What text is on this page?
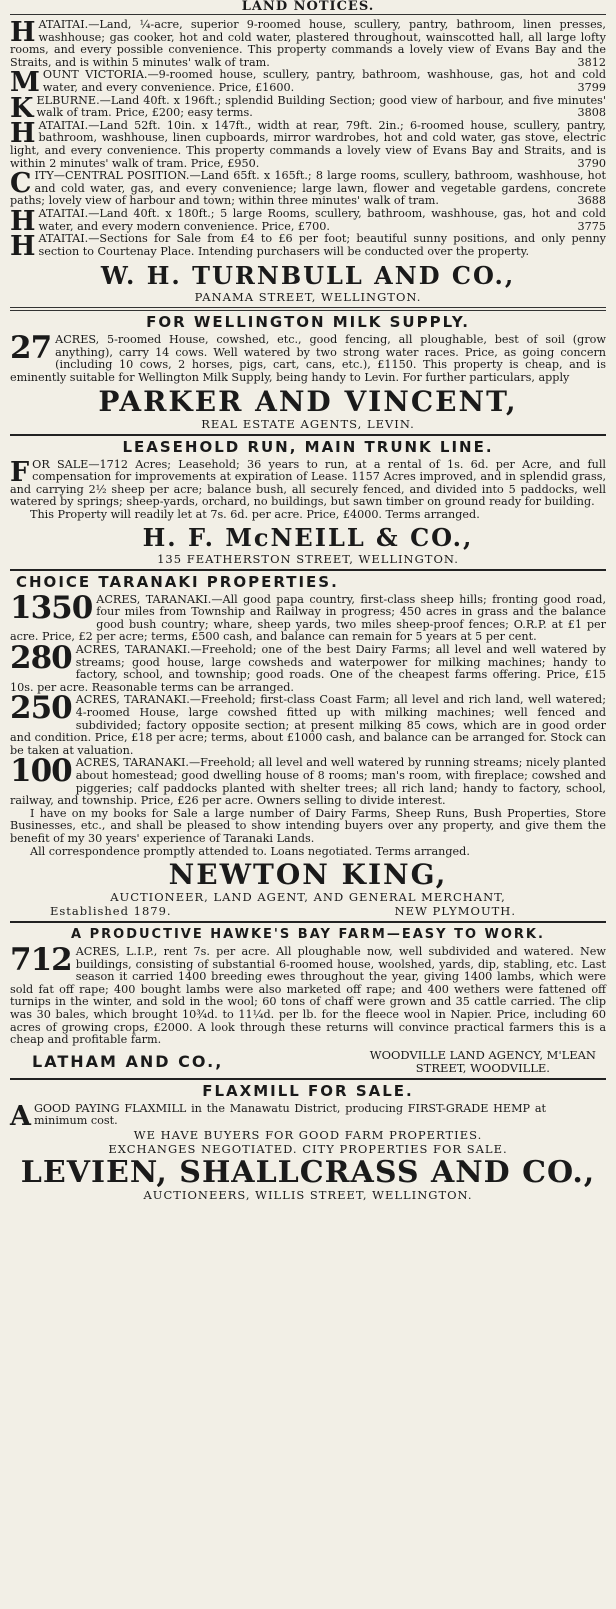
LAND NOTICES.
HATAITAI.—Land, ¼-acre, superior 9-roomed house, scullery, pantry, bathroom, linen presses, washhouse; gas cooker, hot and cold water, plastered throughout, wainscotted hall, all large lofty rooms, and every possible convenience. This property commands a lovely view of Evans Bay and the Straits, and is within 5 minutes' walk of tram.	3812
MOUNT VICTORIA.—9-roomed house, scullery, pantry, bathroom, washhouse, gas, hot and cold water, and every convenience. Price, £1600.	3799
KELBURNE.—Land 40ft. x 196ft.; splendid Building Section; good view of harbour, and five minutes' walk of tram. Price, £200; easy terms.	3808
HATAITAI.—Land 52ft. 10in. x 147ft., width at rear, 79ft. 2in.; 6-roomed house, scullery, pantry, bathroom, washhouse, linen cupboards, mirror wardrobes, hot and cold water, gas stove, electric light, and every convenience. This property commands a lovely view of Evans Bay and Straits, and is within 2 minutes' walk of tram. Price, £950.	3790
CITY—CENTRAL POSITION.—Land 65ft. x 165ft.; 8 large rooms, scullery, bathroom, washhouse, hot and cold water, gas, and every convenience; large lawn, flower and vegetable gardens, concrete paths; lovely view of harbour and town; within three minutes' walk of tram.	3688
HATAITAI.—Land 40ft. x 180ft.; 5 large Rooms, scullery, bathroom, washhouse, gas, hot and cold water, and every modern convenience. Price, £700.	3775
HATAITAI.—Sections for Sale from £4 to £6 per foot; beautiful sunny positions, and only penny section to Courtenay Place. Intending purchasers will be conducted over the property.
W. H. TURNBULL AND CO.,
PANAMA STREET, WELLINGTON.
FOR WELLINGTON MILK SUPPLY.
27 ACRES, 5-roomed House, cowshed, etc., good fencing, all ploughable, best of soil (grow anything), carry 14 cows. Well watered by two strong water races. Price, as going concern (including 10 cows, 2 horses, pigs, cart, cans, etc.), £1150. This property is cheap, and is eminently suitable for Wellington Milk Supply, being handy to Levin. For further particulars, apply
PARKER AND VINCENT,
REAL ESTATE AGENTS, LEVIN.
LEASEHOLD RUN, MAIN TRUNK LINE.
F OR SALE—1712 Acres; Leasehold; 36 years to run, at a rental of 1s. 6d. per Acre, and full compensation for improvements at expiration of Lease. 1157 Acres improved, and in splendid grass, and carrying 2½ sheep per acre; balance bush, all securely fenced, and divided into 5 paddocks, well watered by springs; sheep-yards, orchard, no buildings, but sawn timber on ground ready for building.
This Property will readily let at 7s. 6d. per acre. Price, £4000. Terms arranged.
H. F. McNEILL & CO.,
135 FEATHERSTON STREET, WELLINGTON.
CHOICE TARANAKI PROPERTIES.
1350 ACRES, TARANAKI.—All good papa country, first-class sheep hills; fronting good road, four miles from Township and Railway in progress; 450 acres in grass and the balance good bush country; whare, sheep yards, two miles sheep-proof fences; O.R.P. at £1 per acre. Price, £2 per acre; terms, £500 cash, and balance can remain for 5 years at 5 per cent.
280 ACRES, TARANAKI.—Freehold; one of the best Dairy Farms; all level and well watered by streams; good house, large cowsheds and waterpower for milking machines; handy to factory, school, and township; good roads. One of the cheapest farms offering. Price, £15 10s. per acre. Reasonable terms can be arranged.
250 ACRES, TARANAKI.—Freehold; first-class Coast Farm; all level and rich land, well watered; 4-roomed House, large cowshed fitted up with milking machines; well fenced and subdivided; factory opposite section; at present milking 85 cows, which are in good order and condition. Price, £18 per acre; terms, about £1000 cash, and balance can be arranged for. Stock can be taken at valuation.
100 ACRES, TARANAKI.—Freehold; all level and well watered by running streams; nicely planted about homestead; good dwelling house of 8 rooms; man's room, with fireplace; cowshed and piggeries; calf paddocks planted with shelter trees; all rich land; handy to factory, school, railway, and township. Price, £26 per acre. Owners selling to divide interest.
I have on my books for Sale a large number of Dairy Farms, Sheep Runs, Bush Properties, Store Businesses, etc., and shall be pleased to show intending buyers over any property, and give them the benefit of my 30 years' experience of Taranaki Lands.
All correspondence promptly attended to. Loans negotiated. Terms arranged.
NEWTON KING,
AUCTIONEER, LAND AGENT, AND GENERAL MERCHANT,
Established 1879.	NEW PLYMOUTH.
A PRODUCTIVE HAWKE'S BAY FARM—EASY TO WORK.
712 ACRES, L.I.P., rent 7s. per acre. All ploughable now, well subdivided and watered. New buildings, consisting of substantial 6-roomed house, woolshed, yards, dip, stabling, etc. Last season it carried 1400 breeding ewes throughout the year, giving 1400 lambs, which were sold fat off rape; 400 bought lambs were also marketed off rape; and 400 wethers were fattened off turnips in the winter, and sold in the wool; 60 tons of chaff were grown and 35 cattle carried. The clip was 30 bales, which brought 10¾d. to 11¼d. per lb. for the fleece wool in Napier. Price, including 60 acres of growing crops, £2000. A look through these returns will convince practical farmers this is a cheap and profitable farm.
LATHAM AND CO.,	WOODVILLE LAND AGENCY, M'LEAN
STREET, WOODVILLE.
FLAXMILL FOR SALE.
A GOOD PAYING FLAXMILL in the Manawatu District, producing FIRST-GRADE HEMP at minimum cost.
WE HAVE BUYERS FOR GOOD FARM PROPERTIES.
EXCHANGES NEGOTIATED. CITY PROPERTIES FOR SALE.
LEVIEN, SHALLCRASS AND CO.,
AUCTIONEERS, WILLIS STREET, WELLINGTON.
